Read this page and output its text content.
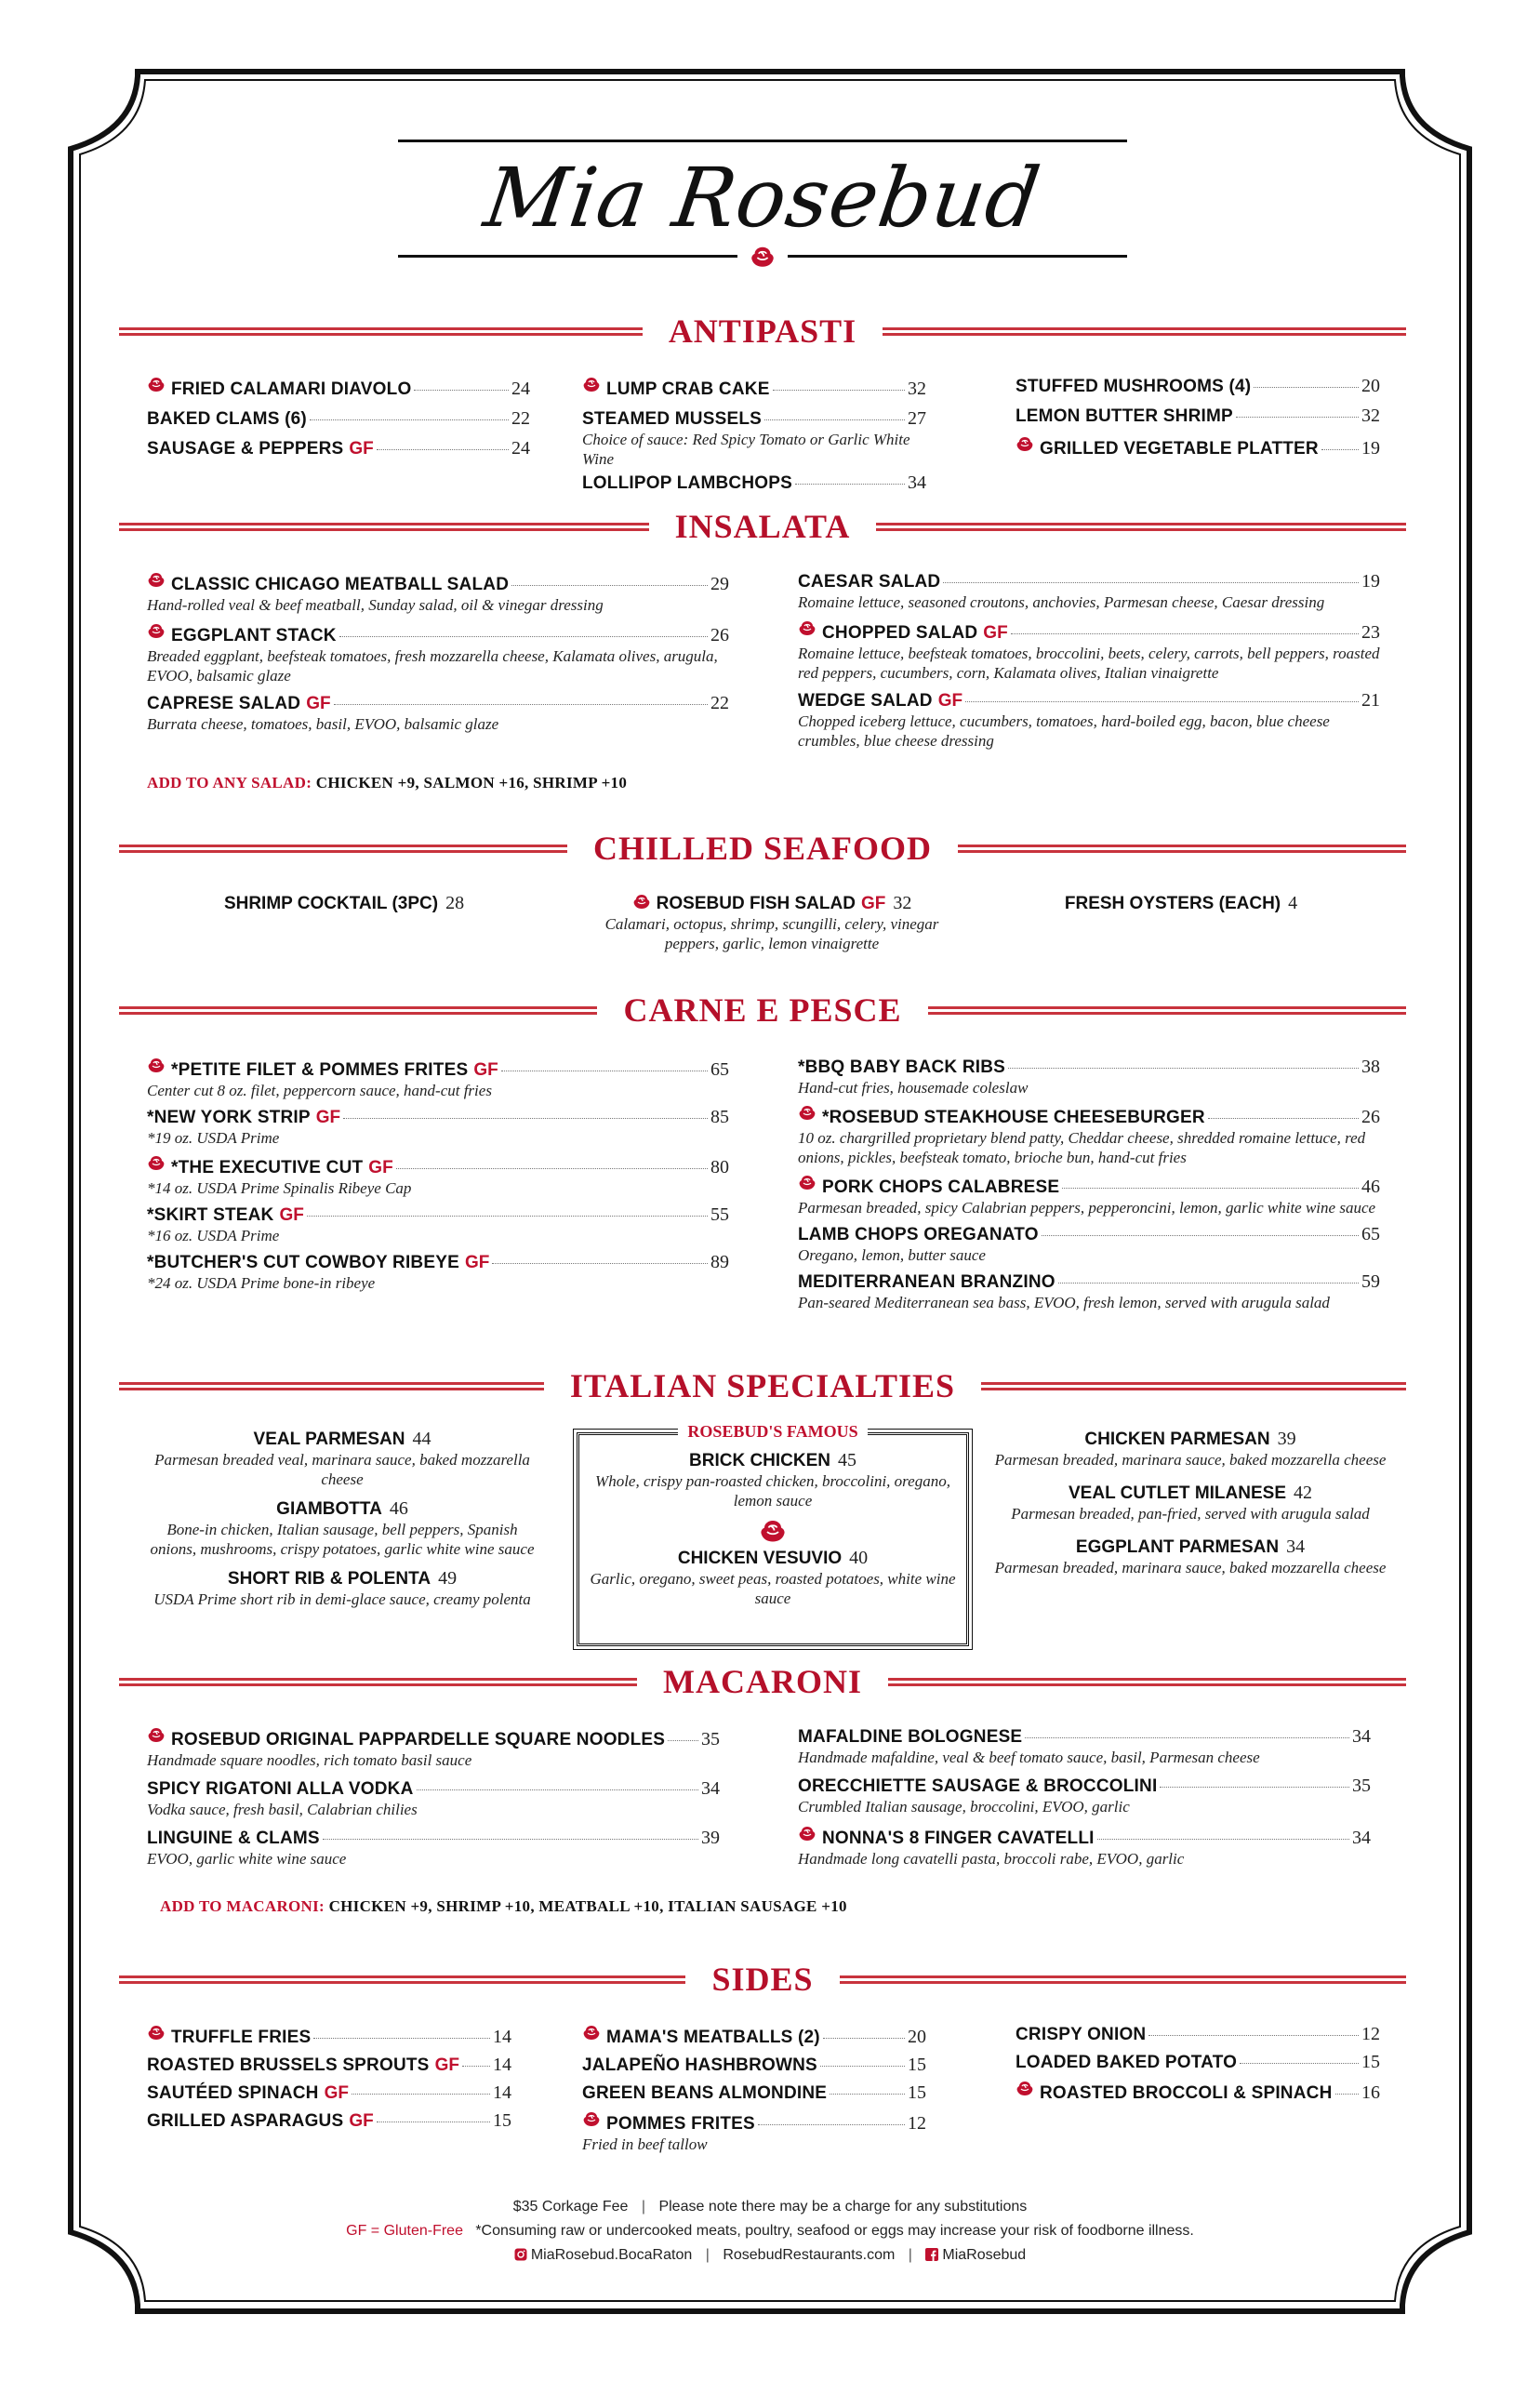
Mia Rosebud
ANTIPASTI
FRIED CALAMARI DIAVOLO	24
BAKED CLAMS (6)	22
SAUSAGE & PEPPERS GF	24
LUMP CRAB CAKE	32
STEAMED MUSSELS	27
Choice of sauce: Red Spicy Tomato or Garlic White Wine
LOLLIPOP LAMBCHOPS	34
STUFFED MUSHROOMS (4)	20
LEMON BUTTER SHRIMP	32
GRILLED VEGETABLE PLATTER 19
INSALATA
CLASSIC CHICAGO MEATBALL SALAD	29
Hand-rolled veal & beef meatball, Sunday salad, oil & vinegar dressing
EGGPLANT STACK	26
Breaded eggplant, beefsteak tomatoes, fresh mozzarella cheese, Kalamata olives, arugula, EVOO, balsamic glaze
CAPRESE SALAD GF	22
Burrata cheese, tomatoes, basil, EVOO, balsamic glaze
CAESAR SALAD	19
Romaine lettuce, seasoned croutons, anchovies, Parmesan cheese, Caesar dressing
CHOPPED SALAD GF	23
Romaine lettuce, beefsteak tomatoes, broccolini, beets, celery, carrots, bell peppers, roasted red peppers, cucumbers, corn, Kalamata olives, Italian vinaigrette
WEDGE SALAD GF	21
Chopped iceberg lettuce, cucumbers, tomatoes, hard-boiled egg, bacon, blue cheese crumbles, blue cheese dressing
ADD TO ANY SALAD: CHICKEN +9, SALMON +16, SHRIMP +10
CHILLED SEAFOOD
SHRIMP COCKTAIL (3PC) 28	ROSEBUD FISH SALAD GF 32
Calamari, octopus, shrimp, scungilli, celery, vinegar peppers, garlic, lemon vinaigrette
FRESH OYSTERS (EACH) 4
CARNE E PESCE
*PETITE FILET & POMMES FRITES GF	65
Center cut 8 oz. filet, peppercorn sauce, hand-cut fries
*NEW YORK STRIP GF	85
*19 oz. USDA Prime
*THE EXECUTIVE CUT GF	80
*14 oz. USDA Prime Spinalis Ribeye Cap
*SKIRT STEAK GF	55
*16 oz. USDA Prime
*BUTCHER'S CUT COWBOY RIBEYE GF	89
*24 oz. USDA Prime bone-in ribeye
*BBQ BABY BACK RIBS	38
Hand-cut fries, housemade coleslaw
*ROSEBUD STEAKHOUSE CHEESEBURGER	26
10 oz. chargrilled proprietary blend patty, Cheddar cheese, shredded romaine lettuce, red onions, pickles, beefsteak tomato, brioche bun, hand-cut fries
PORK CHOPS CALABRESE	46
Parmesan breaded, spicy Calabrian peppers, pepperoncini, lemon, garlic white wine sauce
LAMB CHOPS OREGANATO	65
Oregano, lemon, butter sauce
MEDITERRANEAN BRANZINO	59
Pan-seared Mediterranean sea bass, EVOO, fresh lemon, served with arugula salad
ITALIAN SPECIALTIES
VEAL PARMESAN 44
Parmesan breaded veal, marinara sauce, baked mozzarella cheese
GIAMBOTTA 46
Bone-in chicken, Italian sausage, bell peppers, Spanish onions, mushrooms, crispy potatoes, garlic white wine sauce
SHORT RIB & POLENTA 49
USDA Prime short rib in demi-glace sauce, creamy polenta
ROSEBUD'S FAMOUS
BRICK CHICKEN 45
Whole, crispy pan-roasted chicken, broccolini, oregano, lemon sauce
CHICKEN VESUVIO 40
Garlic, oregano, sweet peas, roasted potatoes, white wine sauce
CHICKEN PARMESAN 39
Parmesan breaded, marinara sauce, baked mozzarella cheese
VEAL CUTLET MILANESE 42
Parmesan breaded, pan-fried, served with arugula salad
EGGPLANT PARMESAN 34
Parmesan breaded, marinara sauce, baked mozzarella cheese
MACARONI
ROSEBUD ORIGINAL PAPPARDELLE SQUARE NOODLES 35
Handmade square noodles, rich tomato basil sauce
SPICY RIGATONI ALLA VODKA	34
Vodka sauce, fresh basil, Calabrian chilies
LINGUINE & CLAMS	39
EVOO, garlic white wine sauce
MAFALDINE BOLOGNESE	34
Handmade mafaldine, veal & beef tomato sauce, basil, Parmesan cheese
ORECCHIETTE SAUSAGE & BROCCOLINI	35
Crumbled Italian sausage, broccolini, EVOO, garlic
NONNA'S 8 FINGER CAVATELLI	34
Handmade long cavatelli pasta, broccoli rabe, EVOO, garlic
ADD TO MACARONI: CHICKEN +9, SHRIMP +10, MEATBALL +10, ITALIAN SAUSAGE +10
SIDES
TRUFFLE FRIES	14
ROASTED BRUSSELS SPROUTS GF 14
SAUTÉED SPINACH GF	14
GRILLED ASPARAGUS GF	15
MAMA'S MEATBALLS (2)	20
JALAPEÑO HASHBROWNS	15
GREEN BEANS ALMONDINE	15
POMMES FRITES	12
Fried in beef tallow
CRISPY ONION	12
LOADED BAKED POTATO	15
ROASTED BROCCOLI & SPINACH 16
$35 Corkage Fee | Please note there may be a charge for any substitutions
GF = Gluten-Free *Consuming raw or undercooked meats, poultry, seafood or eggs may increase your risk of foodborne illness.
MiaRosebud.BocaRaton | RosebudRestaurants.com | MiaRosebud
